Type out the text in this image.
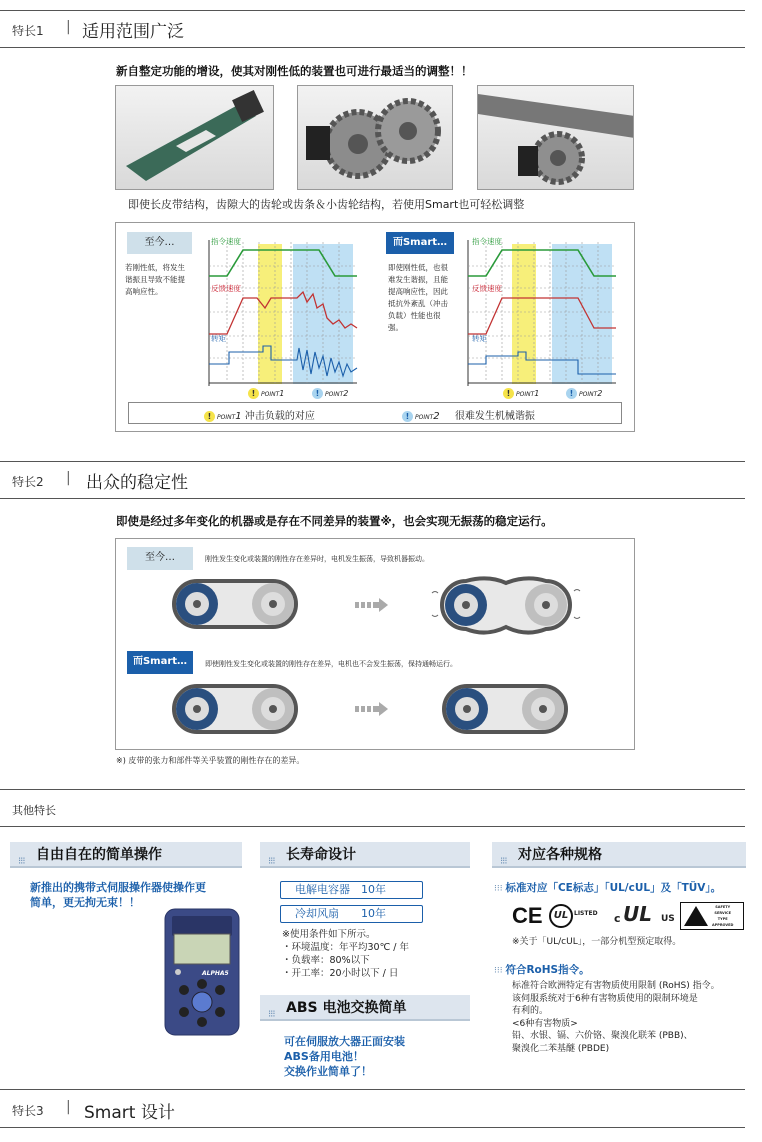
特长1 | 适用范围广泛
新自整定功能的增设，使其对刚性低的装置也可进行最适当的调整！！
即使长皮带结构，齿隙大的齿轮或齿条＆小齿轮结构，若使用Smart也可轻松调整
至今…
若刚性低，将发生
谐振且导致不能提
高响应性。
而Smart…
即使刚性低，也很
难发生谐振，且能
提高响应性，因此
抵抗外紊乱（冲击
负载）性能也很
强。
指令速度
反馈速度
转矩
! POINT1	! POINT2
指令速度
反馈速度
转矩
! POINT1	! POINT2
! POINT1 冲击负载的对应	! POINT2 很难发生机械谐振
特长2 | 出众的稳定性
即使是经过多年变化的机器或是存在不同差异的装置※，也会实现无振荡的稳定运行。
至今…	刚性发生变化或装置的刚性存在差异时，电机发生振荡，导致机器振动。
而Smart…	即使刚性发生变化或装置的刚性存在差异，电机也不会发生振荡，保持通畅运行。
※) 皮带的张力和部件等关乎装置的刚性存在的差异。
其他特长
⁝⁝⁝ 自由自在的简单操作
新推出的携带式伺服操作器使操作更
简单，更无拘无束！！
ALPHA5
⁝⁝⁝ 长寿命设计
电解电容器　 10年
冷却风扇　　 10年
※使用条件如下所示。
・环境温度：年平均30℃ / 年
・负载率：80%以下
・开工率：20小时以下 / 日
⁝⁝⁝ ABS 电池交换简单
可在伺服放大器正面安装
ABS备用电池！
交换作业简单了！
⁝⁝⁝ 对应各种规格
⁝⁝⁝ 标准对应「CE标志」「UL/cUL」及「TÜV」。
CE	UL LISTED c UL US
SAFETY
SERVICE
TYPE
APPROVED
※关于「UL/cUL」，一部分机型预定取得。
⁝⁝⁝ 符合RoHS指令。
标准符合欧洲特定有害物质使用限制 (RoHS) 指令。
该伺服系统对于6种有害物质使用的限制环境是
有利的。
<6种有害物质>
铅、水银、镉、六价铬、聚溴化联苯 (PBB)、
聚溴化二苯基醚 (PBDE)
特长3 | Smart 设计
